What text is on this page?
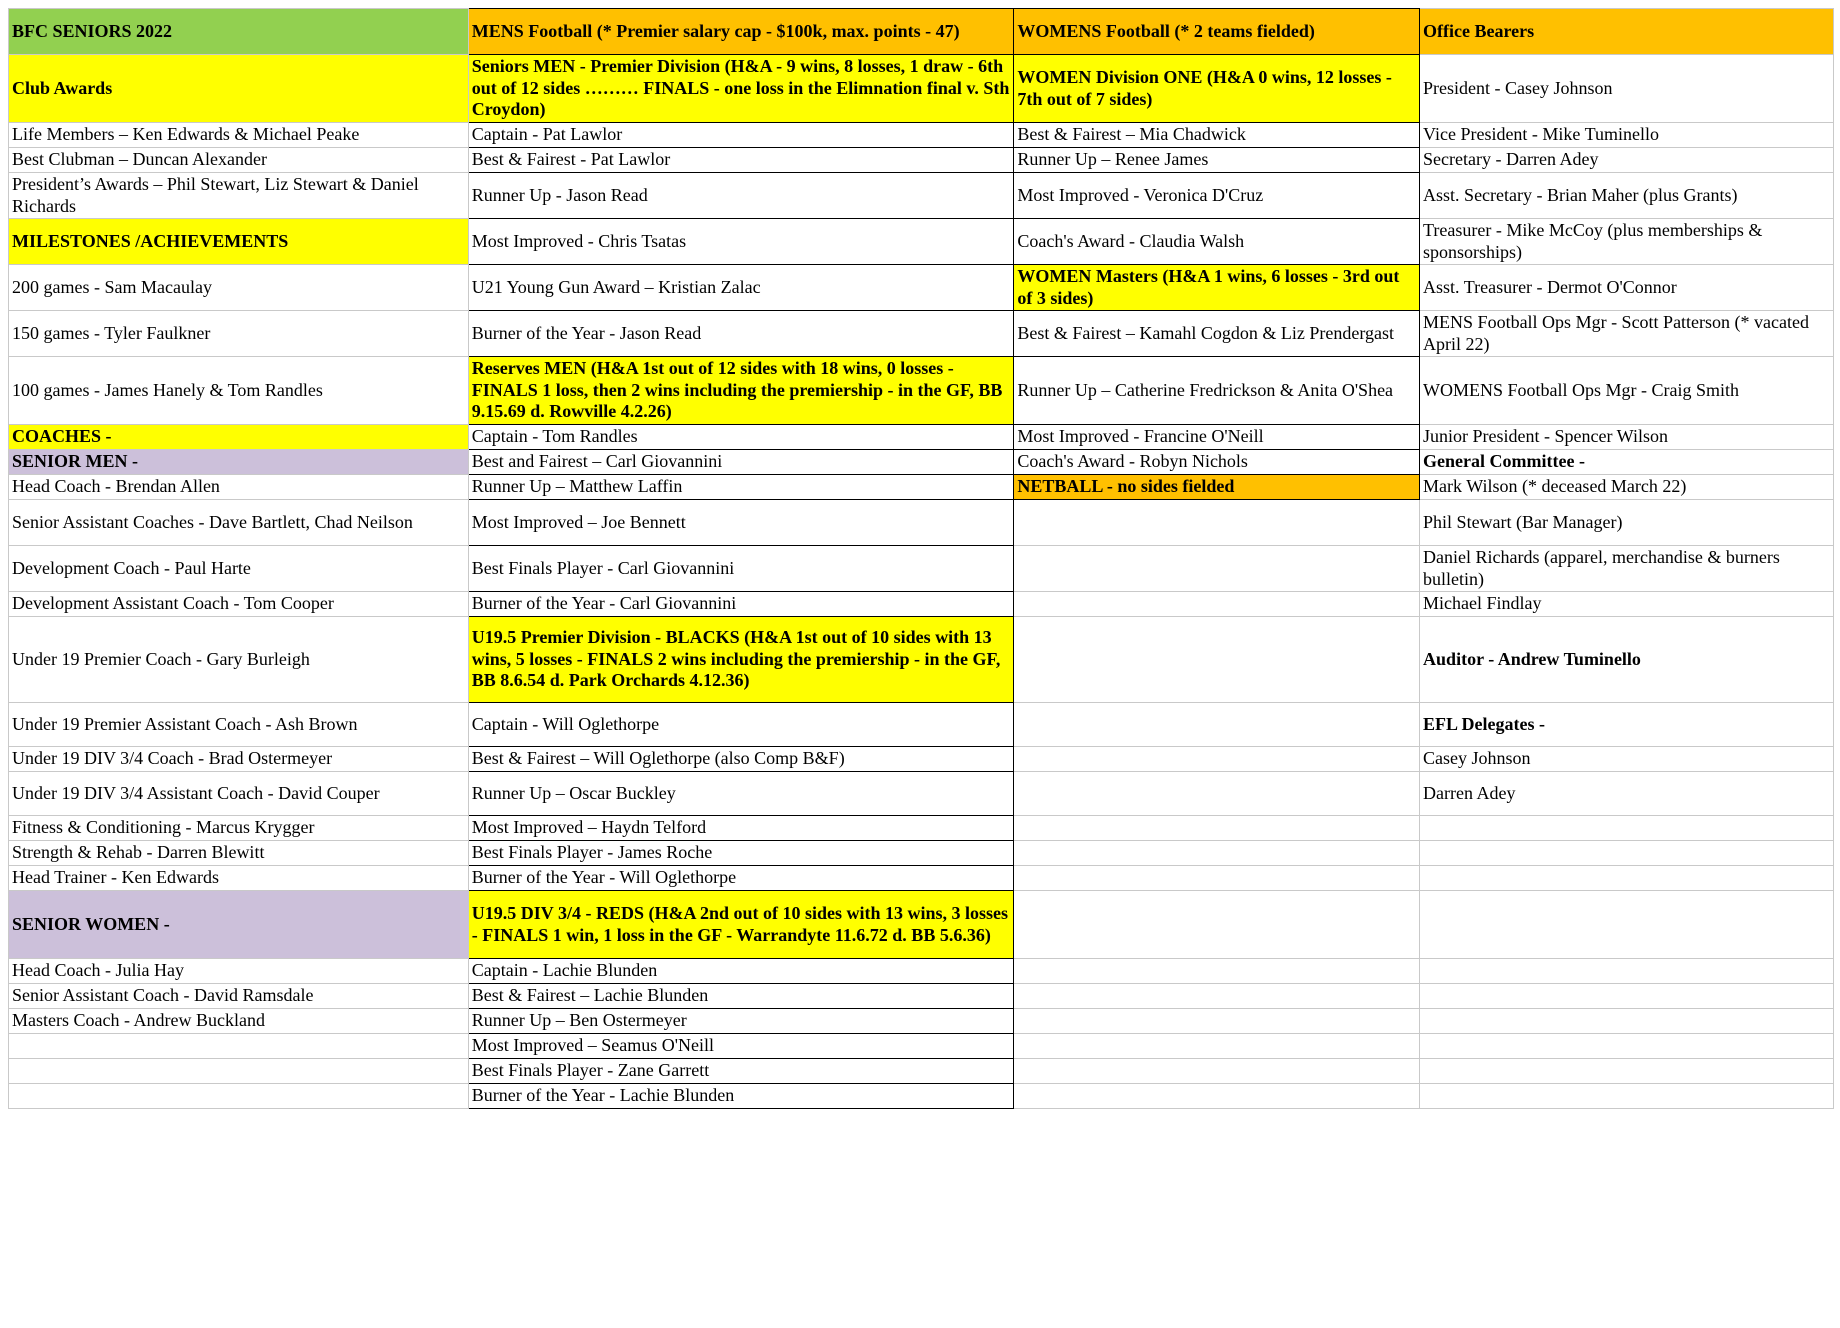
BFC SENIORS 2022	MENS Football (* Premier salary cap - $100k, max. points - 47)	WOMENS Football (* 2 teams fielded)	Office Bearers
Club Awards	Seniors MEN - Premier Division (H&A - 9 wins, 8 losses, 1 draw - 6th out of 12 sides ……… FINALS - one loss in the Elimnation final v. Sth Croydon)	WOMEN Division ONE (H&A 0 wins, 12 losses - 7th out of 7 sides)	President - Casey Johnson
Life Members – Ken Edwards & Michael Peake	Captain - Pat Lawlor	Best & Fairest – Mia Chadwick	Vice President - Mike Tuminello
Best Clubman – Duncan Alexander	Best & Fairest - Pat Lawlor	Runner Up – Renee James	Secretary - Darren Adey
President’s Awards – Phil Stewart, Liz Stewart & Daniel Richards	Runner Up - Jason Read	Most Improved - Veronica D'Cruz	Asst. Secretary - Brian Maher (plus Grants)
MILESTONES /ACHIEVEMENTS	Most Improved - Chris Tsatas	Coach's Award - Claudia Walsh	Treasurer - Mike McCoy (plus memberships & sponsorships)
200 games - Sam Macaulay	U21 Young Gun Award – Kristian Zalac	WOMEN Masters (H&A 1 wins, 6 losses - 3rd out of 3 sides)	Asst. Treasurer - Dermot O'Connor
150 games - Tyler Faulkner	Burner of the Year - Jason Read	Best & Fairest – Kamahl Cogdon & Liz Prendergast	MENS Football Ops Mgr - Scott Patterson (* vacated April 22)
100 games - James Hanely & Tom Randles	Reserves MEN (H&A 1st out of 12 sides with 18 wins, 0 losses - FINALS 1 loss, then 2 wins including the premiership - in the GF, BB 9.15.69 d. Rowville 4.2.26)	Runner Up – Catherine Fredrickson & Anita O'Shea	WOMENS Football Ops Mgr - Craig Smith
COACHES -	Captain - Tom Randles	Most Improved - Francine O'Neill	Junior President - Spencer Wilson
SENIOR MEN -	Best and Fairest – Carl Giovannini	Coach's Award - Robyn Nichols	General Committee -
Head Coach - Brendan Allen	Runner Up – Matthew Laffin	NETBALL - no sides fielded	Mark Wilson (* deceased March 22)
Senior Assistant Coaches - Dave Bartlett, Chad Neilson	Most Improved – Joe Bennett		Phil Stewart (Bar Manager)
Development Coach - Paul Harte	Best Finals Player - Carl Giovannini		Daniel Richards (apparel, merchandise & burners bulletin)
Development Assistant Coach - Tom Cooper	Burner of the Year - Carl Giovannini		Michael Findlay
Under 19 Premier Coach - Gary Burleigh	U19.5 Premier Division - BLACKS (H&A 1st out of 10 sides with 13 wins, 5 losses - FINALS 2 wins including the premiership - in the GF, BB 8.6.54 d. Park Orchards 4.12.36)		Auditor - Andrew Tuminello
Under 19 Premier Assistant Coach - Ash Brown	Captain - Will Oglethorpe		EFL Delegates -
Under 19 DIV 3/4 Coach - Brad Ostermeyer	Best & Fairest – Will Oglethorpe (also Comp B&F)		Casey Johnson
Under 19 DIV 3/4 Assistant Coach - David Couper	Runner Up – Oscar Buckley		Darren Adey
Fitness & Conditioning - Marcus Krygger	Most Improved – Haydn Telford		
Strength & Rehab - Darren Blewitt	Best Finals Player - James Roche		
Head Trainer - Ken Edwards	Burner of the Year - Will Oglethorpe		
SENIOR WOMEN -	U19.5 DIV 3/4 - REDS (H&A 2nd out of 10 sides with 13 wins, 3 losses - FINALS 1 win, 1 loss in the GF - Warrandyte 11.6.72 d. BB 5.6.36)		
Head Coach - Julia Hay	Captain - Lachie Blunden		
Senior Assistant Coach - David Ramsdale	Best & Fairest – Lachie Blunden		
Masters Coach - Andrew Buckland	Runner Up – Ben Ostermeyer		
	Most Improved – Seamus O'Neill		
	Best Finals Player - Zane Garrett		
	Burner of the Year - Lachie Blunden		
